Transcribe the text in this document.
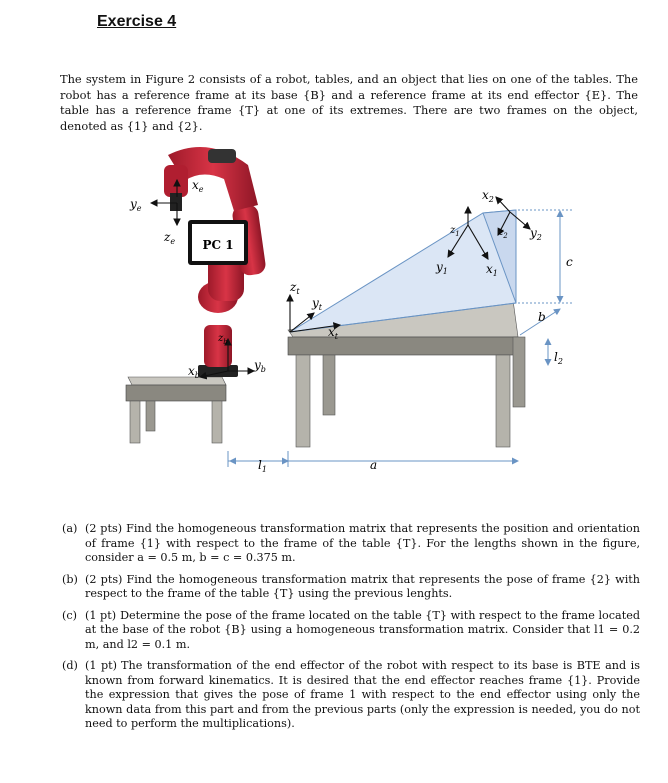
Exercise 4
The system in Figure 2 consists of a robot, tables, and an object that lies on one of the tables. The robot has a reference frame at its base {B} and a reference frame at its end effector {E}. The table has a reference frame {T} at one of its extremes. There are two frames on the object, denoted as {1} and {2}.
PC 1
$x_e$
$y_e$
$z_e$
$z_b$
$x_b$
$y_b$
$z_t$
$y_t$
$x_t$
$z_1$
$y_1$	$x_1$
$x_2$
$z_2$ $y_2$
c
b
$l_2$
$l_1$	a
(a) (2 pts) Find the homogeneous transformation matrix that represents the position and orientation of frame {1} with respect to the frame of the table {T}. For the lengths shown in the figure, consider a = 0.5 m, b = c = 0.375 m.
(b) (2 pts) Find the homogeneous transformation matrix that represents the pose of frame {2} with respect to the frame of the table {T} using the previous lenghts.
(c) (1 pt) Determine the pose of the frame located on the table {T} with respect to the frame located at the base of the robot {B} using a homogeneous transformation matrix. Consider that l1 = 0.2 m, and l2 = 0.1 m.
(d) (1 pt) The transformation of the end effector of the robot with respect to its base is BTE and is known from forward kinematics. It is desired that the end effector reaches frame {1}. Provide the expression that gives the pose of frame 1 with respect to the end effector using only the known data from this part and from the previous parts (only the expression is needed, you do not need to perform the multiplications).
